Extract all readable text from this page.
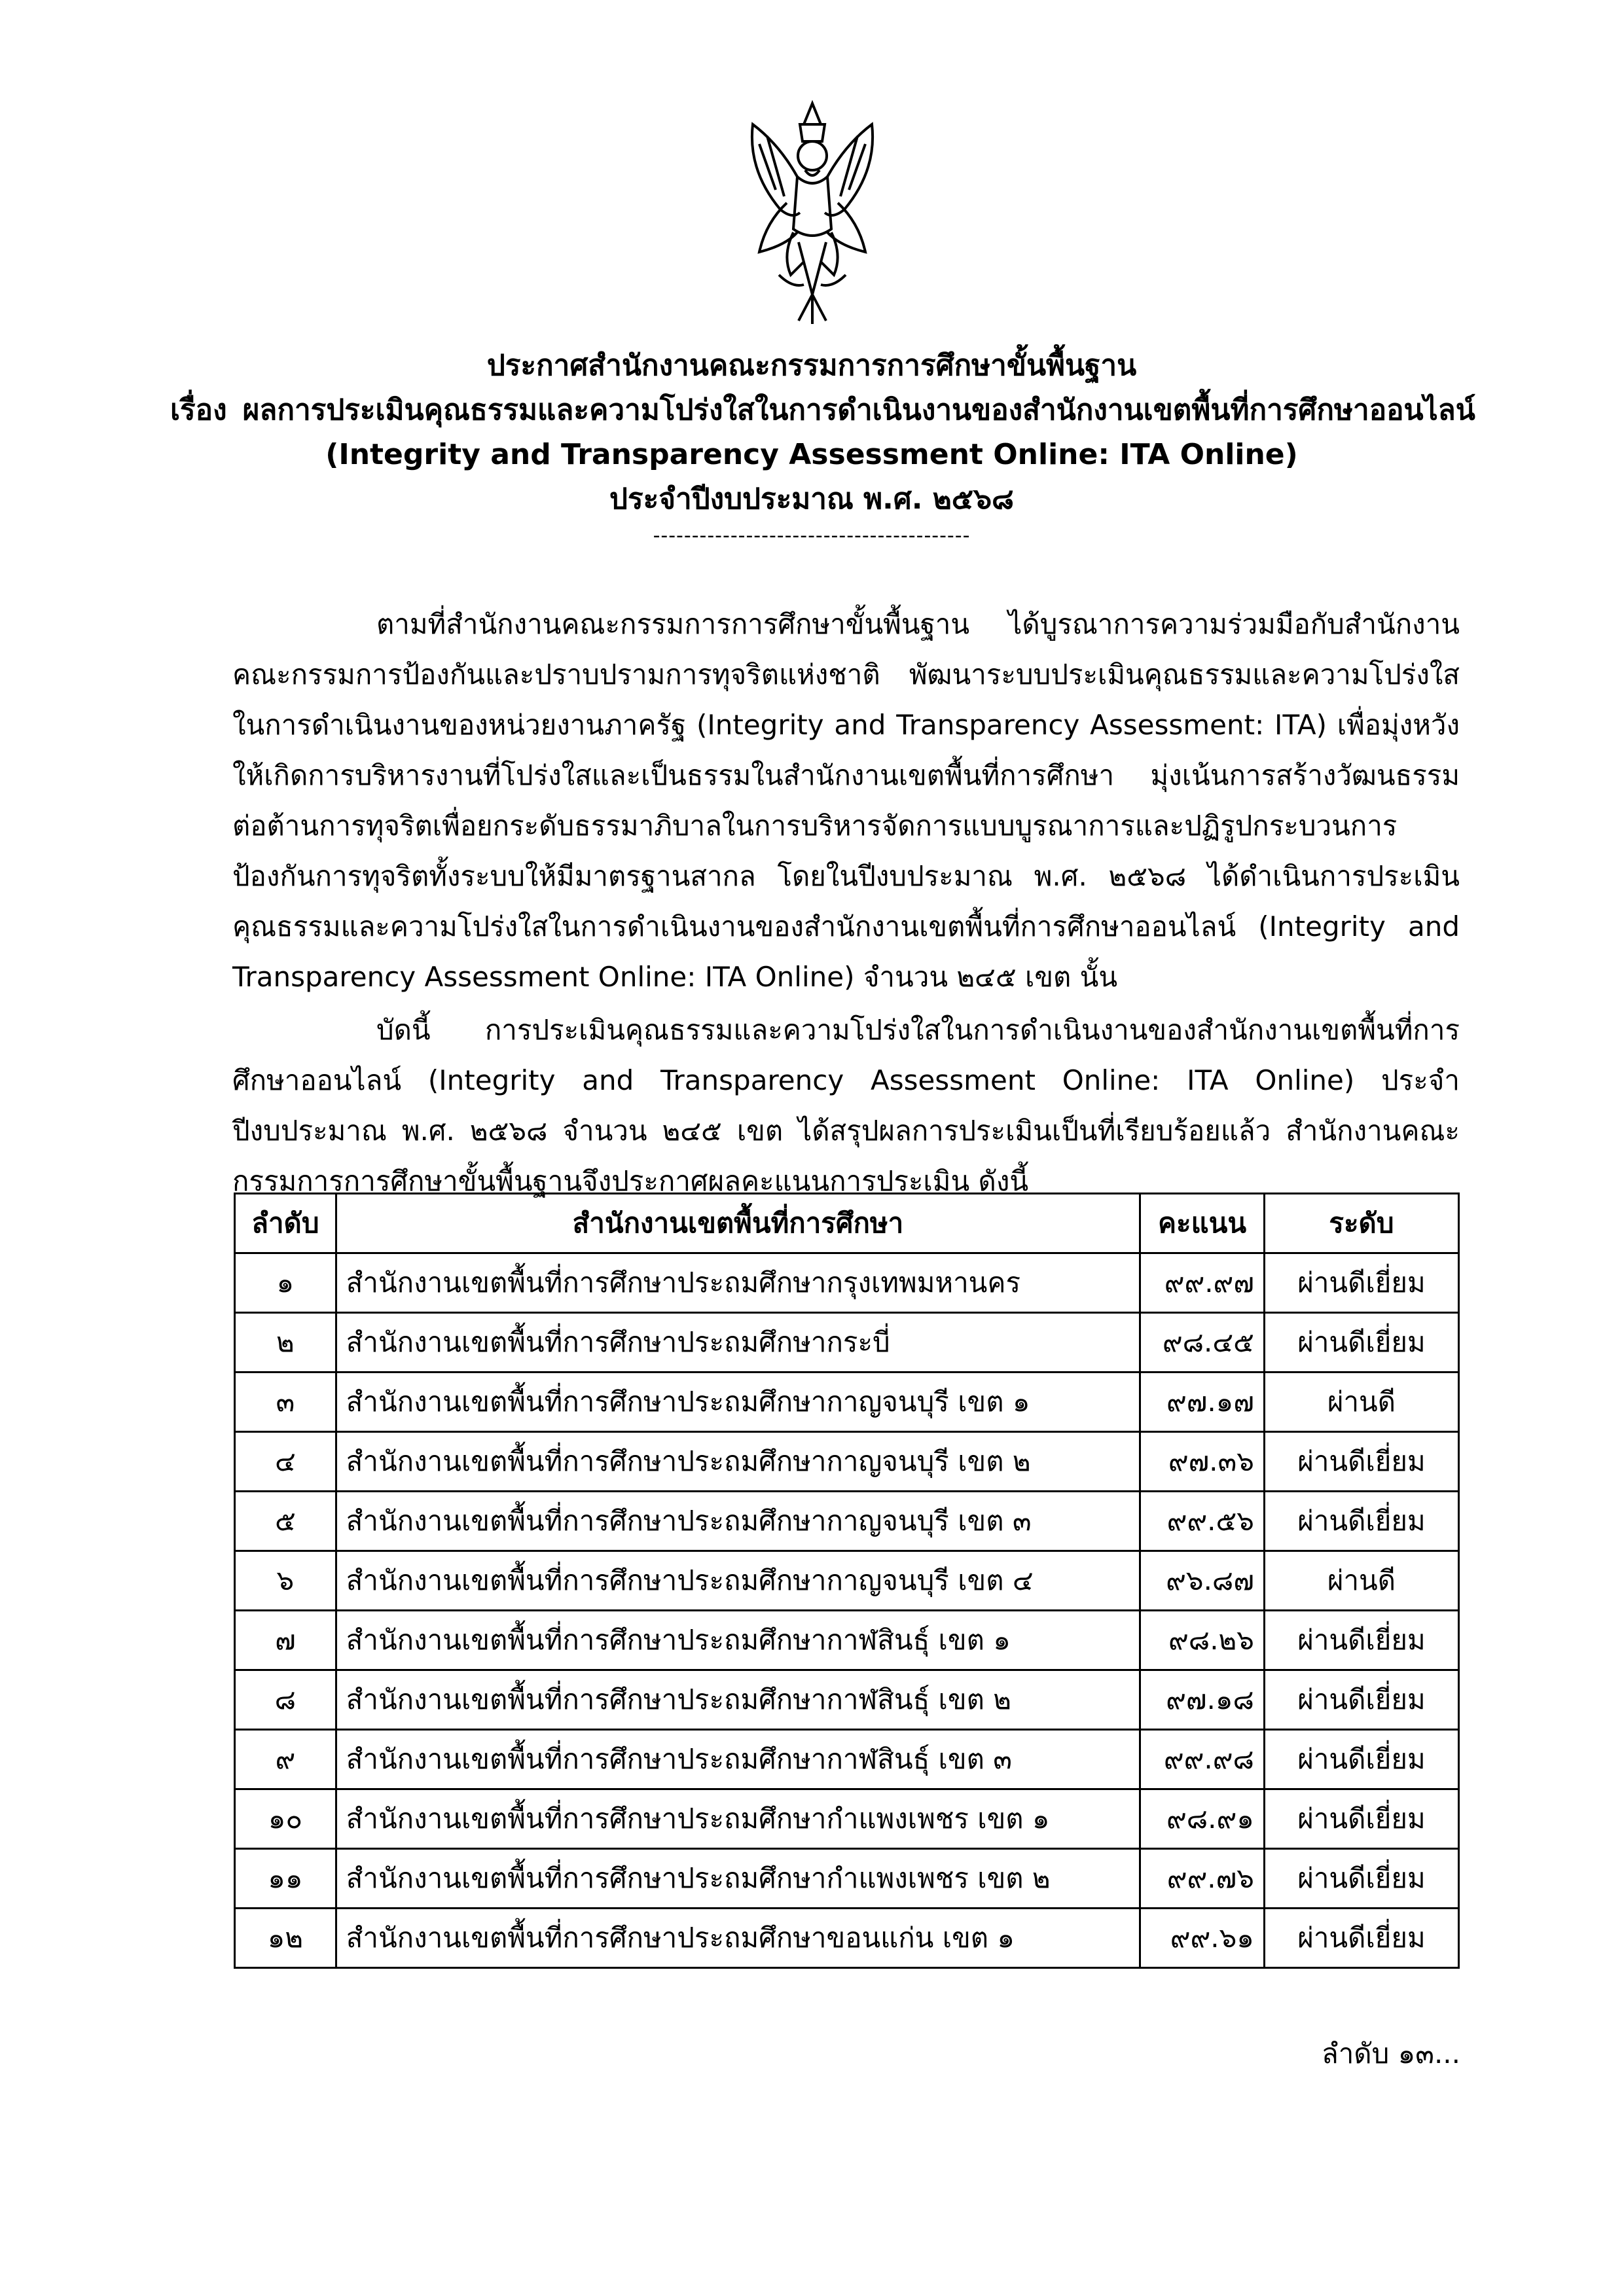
ประกาศสำนักงานคณะกรรมการการศึกษาขั้นพื้นฐาน
เรื่อง ผลการประเมินคุณธรรมและความโปร่งใสในการดำเนินงานของสำนักงานเขตพื้นที่การศึกษาออนไลน์
(Integrity and Transparency Assessment Online: ITA Online)
ประจำปีงบประมาณ พ.ศ. ๒๕๖๘
-----------------------------------------
ตามที่สำนักงานคณะกรรมการการศึกษาขั้นพื้นฐาน ได้บูรณาการความร่วมมือกับสำนักงานคณะกรรมการป้องกันและปราบปรามการทุจริตแห่งชาติ พัฒนาระบบประเมินคุณธรรมและความโปร่งใสในการดำเนินงานของหน่วยงานภาครัฐ (Integrity and Transparency Assessment: ITA) เพื่อมุ่งหวังให้เกิดการบริหารงานที่โปร่งใสและเป็นธรรมในสำนักงานเขตพื้นที่การศึกษา มุ่งเน้นการสร้างวัฒนธรรมต่อต้านการทุจริตเพื่อยกระดับธรรมาภิบาลในการบริหารจัดการแบบบูรณาการและปฏิรูปกระบวนการป้องกันการทุจริตทั้งระบบให้มีมาตรฐานสากล โดยในปีงบประมาณ พ.ศ. ๒๕๖๘ ได้ดำเนินการประเมินคุณธรรมและความโปร่งใสในการดำเนินงานของสำนักงานเขตพื้นที่การศึกษาออนไลน์ (Integrity and Transparency Assessment Online: ITA Online) จำนวน ๒๔๕ เขต นั้น
บัดนี้ การประเมินคุณธรรมและความโปร่งใสในการดำเนินงานของสำนักงานเขตพื้นที่การศึกษาออนไลน์ (Integrity and Transparency Assessment Online: ITA Online) ประจำปีงบประมาณ พ.ศ. ๒๕๖๘ จำนวน ๒๔๕ เขต ได้สรุปผลการประเมินเป็นที่เรียบร้อยแล้ว สำนักงานคณะกรรมการการศึกษาขั้นพื้นฐานจึงประกาศผลคะแนนการประเมิน ดังนี้
ลำดับ	สำนักงานเขตพื้นที่การศึกษา	คะแนน	ระดับ
๑	สำนักงานเขตพื้นที่การศึกษาประถมศึกษากรุงเทพมหานคร	๙๙.๙๗	ผ่านดีเยี่ยม
๒	สำนักงานเขตพื้นที่การศึกษาประถมศึกษากระบี่	๙๘.๔๕	ผ่านดีเยี่ยม
๓	สำนักงานเขตพื้นที่การศึกษาประถมศึกษากาญจนบุรี เขต ๑	๙๗.๑๗	ผ่านดี
๔	สำนักงานเขตพื้นที่การศึกษาประถมศึกษากาญจนบุรี เขต ๒	๙๗.๓๖	ผ่านดีเยี่ยม
๕	สำนักงานเขตพื้นที่การศึกษาประถมศึกษากาญจนบุรี เขต ๓	๙๙.๕๖	ผ่านดีเยี่ยม
๖	สำนักงานเขตพื้นที่การศึกษาประถมศึกษากาญจนบุรี เขต ๔	๙๖.๘๗	ผ่านดี
๗	สำนักงานเขตพื้นที่การศึกษาประถมศึกษากาฬสินธุ์ เขต ๑	๙๘.๒๖	ผ่านดีเยี่ยม
๘	สำนักงานเขตพื้นที่การศึกษาประถมศึกษากาฬสินธุ์ เขต ๒	๙๗.๑๘	ผ่านดีเยี่ยม
๙	สำนักงานเขตพื้นที่การศึกษาประถมศึกษากาฬสินธุ์ เขต ๓	๙๙.๙๘	ผ่านดีเยี่ยม
๑๐	สำนักงานเขตพื้นที่การศึกษาประถมศึกษากำแพงเพชร เขต ๑	๙๘.๙๑	ผ่านดีเยี่ยม
๑๑	สำนักงานเขตพื้นที่การศึกษาประถมศึกษากำแพงเพชร เขต ๒	๙๙.๗๖	ผ่านดีเยี่ยม
๑๒	สำนักงานเขตพื้นที่การศึกษาประถมศึกษาขอนแก่น เขต ๑	๙๙.๖๑	ผ่านดีเยี่ยม
ลำดับ ๑๓...
